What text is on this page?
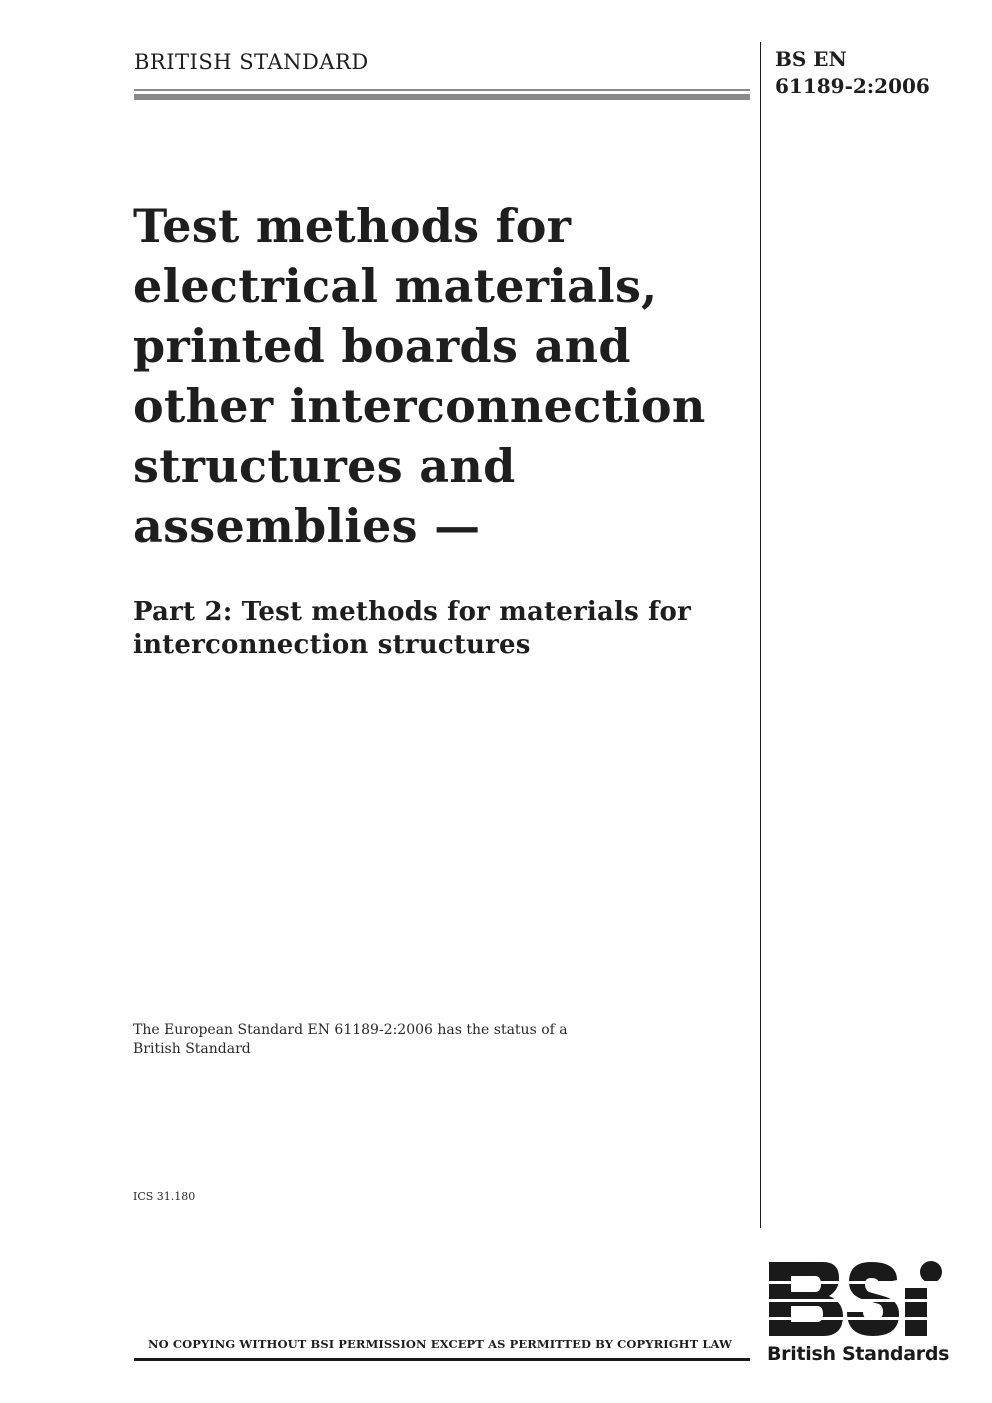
BRITISH STANDARD	BS EN
61189-2:2006
Test methods for
electrical materials,
printed boards and
other interconnection
structures and
assemblies —
Part 2: Test methods for materials for
interconnection structures
The European Standard EN 61189-2:2006 has the status of a
British Standard
ICS 31.180
NO COPYING WITHOUT BSI PERMISSION EXCEPT AS PERMITTED BY COPYRIGHT LAW British Standards
